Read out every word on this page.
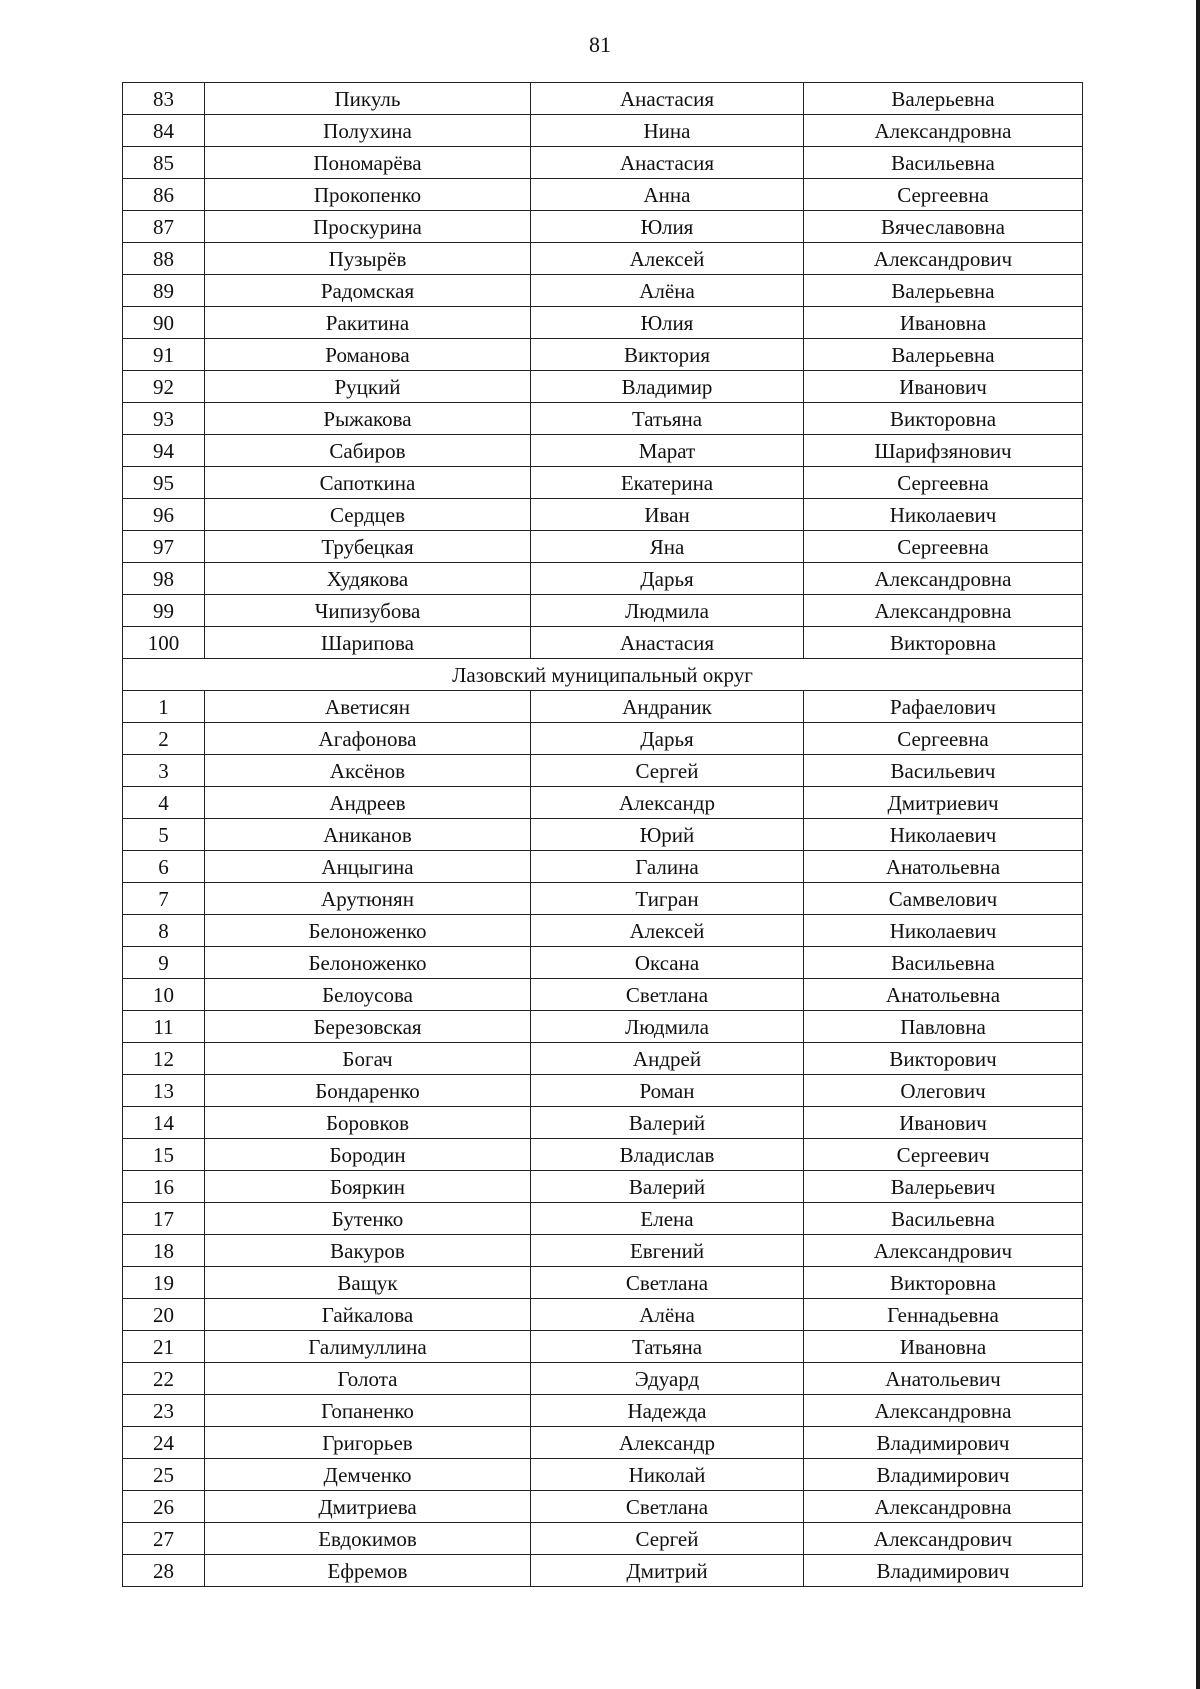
81
83	Пикуль	Анастасия	Валерьевна
84	Полухина	Нина	Александровна
85	Пономарёва	Анастасия	Васильевна
86	Прокопенко	Анна	Сергеевна
87	Проскурина	Юлия	Вячеславовна
88	Пузырёв	Алексей	Александрович
89	Радомская	Алёна	Валерьевна
90	Ракитина	Юлия	Ивановна
91	Романова	Виктория	Валерьевна
92	Руцкий	Владимир	Иванович
93	Рыжакова	Татьяна	Викторовна
94	Сабиров	Марат	Шарифзянович
95	Сапоткина	Екатерина	Сергеевна
96	Сердцев	Иван	Николаевич
97	Трубецкая	Яна	Сергеевна
98	Худякова	Дарья	Александровна
99	Чипизубова	Людмила	Александровна
100	Шарипова	Анастасия	Викторовна
Лазовский муниципальный округ			
1	Аветисян	Андраник	Рафаелович
2	Агафонова	Дарья	Сергеевна
3	Аксёнов	Сергей	Васильевич
4	Андреев	Александр	Дмитриевич
5	Аниканов	Юрий	Николаевич
6	Анцыгина	Галина	Анатольевна
7	Арутюнян	Тигран	Самвелович
8	Белоноженко	Алексей	Николаевич
9	Белоноженко	Оксана	Васильевна
10	Белоусова	Светлана	Анатольевна
11	Березовская	Людмила	Павловна
12	Богач	Андрей	Викторович
13	Бондаренко	Роман	Олегович
14	Боровков	Валерий	Иванович
15	Бородин	Владислав	Сергеевич
16	Бояркин	Валерий	Валерьевич
17	Бутенко	Елена	Васильевна
18	Вакуров	Евгений	Александрович
19	Ващук	Светлана	Викторовна
20	Гайкалова	Алёна	Геннадьевна
21	Галимуллина	Татьяна	Ивановна
22	Голота	Эдуард	Анатольевич
23	Гопаненко	Надежда	Александровна
24	Григорьев	Александр	Владимирович
25	Демченко	Николай	Владимирович
26	Дмитриева	Светлана	Александровна
27	Евдокимов	Сергей	Александрович
28	Ефремов	Дмитрий	Владимирович
